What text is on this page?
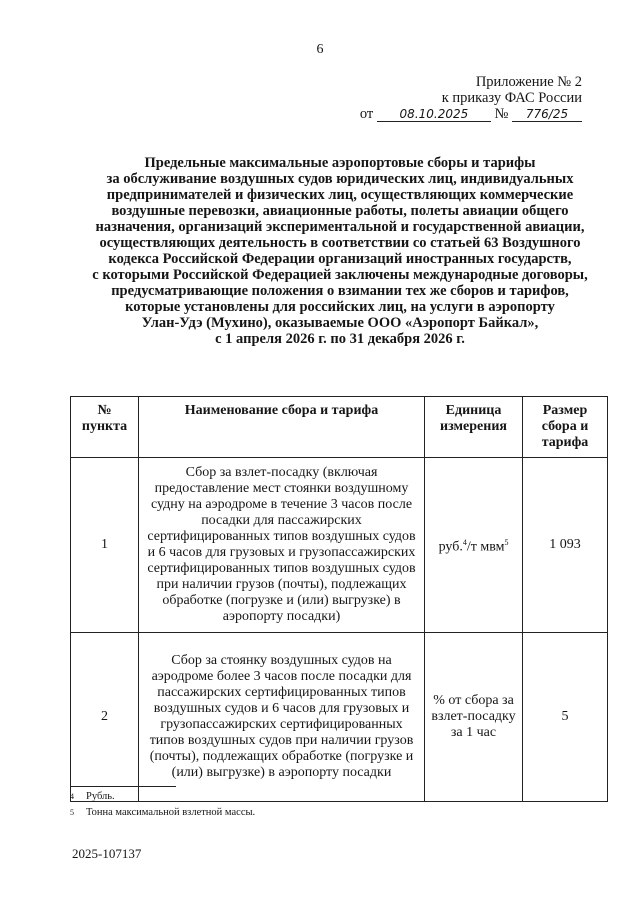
6
Приложение № 2
к приказу ФАС России
от 08.10.2025 № 776/25
Предельные максимальные аэропортовые сборы и тарифы
за обслуживание воздушных судов юридических лиц, индивидуальных
предпринимателей и физических лиц, осуществляющих коммерческие
воздушные перевозки, авиационные работы, полеты авиации общего
назначения, организаций экспериментальной и государственной авиации,
осуществляющих деятельность в соответствии со статьей 63 Воздушного
кодекса Российской Федерации организаций иностранных государств,
с которыми Российской Федерацией заключены международные договоры,
предусматривающие положения о взимании тех же сборов и тарифов,
которые установлены для российских лиц, на услуги в аэропорту
Улан-Удэ (Мухино), оказываемые ООО «Аэропорт Байкал»,
с 1 апреля 2026 г. по 31 декабря 2026 г.
№ пункта	Наименование сбора и тарифа	Единица измерения	Размер сбора и тарифа
1	Сбор за взлет-посадку (включая предоставление мест стоянки воздушному судну на аэродроме в течение 3 часов после посадки для пассажирских сертифицированных типов воздушных судов и 6 часов для грузовых и грузопассажирских сертифицированных типов воздушных судов при наличии грузов (почты), подлежащих обработке (погрузке и (или) выгрузке) в аэропорту посадки)	руб.$^4$/т мвм$^5$	1 093
2	Сбор за стоянку воздушных судов на аэродроме более 3 часов после посадки для пассажирских сертифицированных типов воздушных судов и 6 часов для грузовых и грузопассажирских сертифицированных типов воздушных судов при наличии грузов (почты), подлежащих обработке (погрузке и (или) выгрузке) в аэропорту посадки	% от сбора за взлет-посадку за 1 час	5
4 Рубль.
5 Тонна максимальной взлетной массы.
2025-107137
